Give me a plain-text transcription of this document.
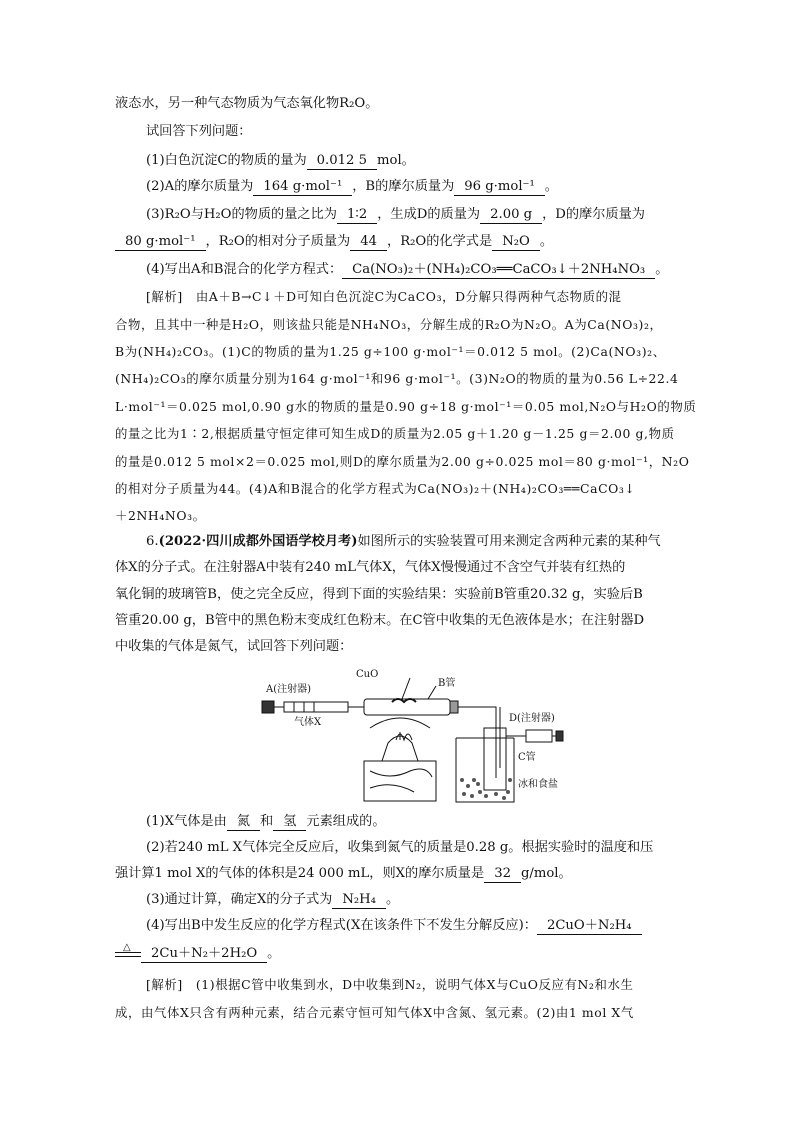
液态水，另一种气态物质为气态氧化物R₂O。
试回答下列问题：
(1)白色沉淀C的物质的量为 0.012 5 mol。
(2)A的摩尔质量为 164 g·mol⁻¹ ，B的摩尔质量为 96 g·mol⁻¹ 。
(3)R₂O与H₂O的物质的量之比为 1∶2 ，生成D的质量为 2.00 g ，D的摩尔质量为
80 g·mol⁻¹ ，R₂O的相对分子质量为 44 ，R₂O的化学式是 N₂O 。
(4)写出A和B混合的化学方程式： Ca(NO₃)₂＋(NH₄)₂CO₃══CaCO₃↓＋2NH₄NO₃ 。
[解析]　由A＋B→C↓＋D可知白色沉淀C为CaCO₃，D分解只得两种气态物质的混
合物，且其中一种是H₂O，则该盐只能是NH₄NO₃，分解生成的R₂O为N₂O。A为Ca(NO₃)₂，
B为(NH₄)₂CO₃。(1)C的物质的量为1.25 g÷100 g·mol⁻¹＝0.012 5 mol。(2)Ca(NO₃)₂、
(NH₄)₂CO₃的摩尔质量分别为164 g·mol⁻¹和96 g·mol⁻¹。(3)N₂O的物质的量为0.56 L÷22.4
L·mol⁻¹＝0.025 mol,0.90 g水的物质的量是0.90 g÷18 g·mol⁻¹＝0.05 mol,N₂O与H₂O的物质
的量之比为1∶2,根据质量守恒定律可知生成D的质量为2.05 g＋1.20 g－1.25 g＝2.00 g,物质
的量是0.012 5 mol×2＝0.025 mol,则D的摩尔质量为2.00 g÷0.025 mol＝80 g·mol⁻¹，N₂O
的相对分子质量为44。(4)A和B混合的化学方程式为Ca(NO₃)₂＋(NH₄)₂CO₃══CaCO₃↓
＋2NH₄NO₃。
6.(2022·四川成都外国语学校月考)如图所示的实验装置可用来测定含两种元素的某种气
体X的分子式。在注射器A中装有240 mL气体X，气体X慢慢通过不含空气并装有红热的
氧化铜的玻璃管B，使之完全反应，得到下面的实验结果：实验前B管重20.32 g，实验后B
管重20.00 g，B管中的黑色粉末变成红色粉末。在C管中收集的无色液体是水；在注射器D
中收集的气体是氮气，试回答下列问题：
A(注射器)
气体X
CuO
B管
D(注射器)
C管
冰和食盐
(1)X气体是由 氮 和 氢 元素组成的。
(2)若240 mL X气体完全反应后，收集到氮气的质量是0.28 g。根据实验时的温度和压
强计算1 mol X的气体的体积是24 000 mL，则X的摩尔质量是 32 g/mol。
(3)通过计算，确定X的分子式为 N₂H₄ 。
(4)写出B中发生反应的化学方程式(X在该条件下不发生分解反应)： 2CuO＋N₂H₄
△ 2Cu＋N₂＋2H₂O 。
[解析]　(1)根据C管中收集到水，D中收集到N₂，说明气体X与CuO反应有N₂和水生
成，由气体X只含有两种元素，结合元素守恒可知气体X中含氮、氢元素。(2)由1 mol X气
